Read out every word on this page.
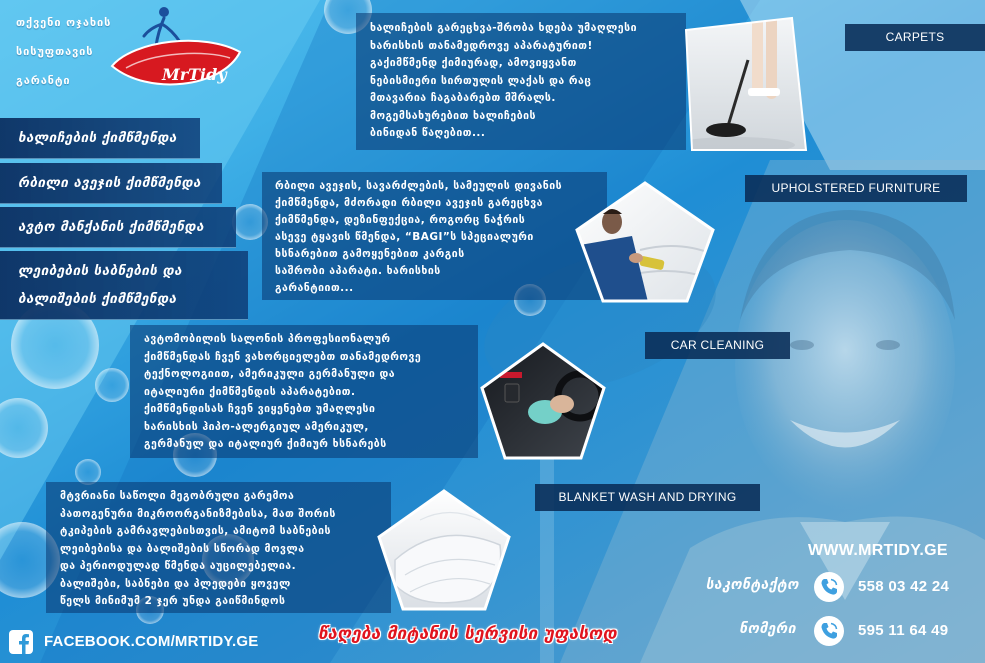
თქვენი ოჯახის
სისუფთავის
გარანტი	MrTidy
ხალიჩების ქიმწმენდა
რბილი ავეჯის ქიმწმენდა
ავტო მანქანის ქიმწმენდა
ლეიბების საბნების და
ბალიშების ქიმწმენდა
ხალიჩების გარეცხვა-შრობა ხდება უმაღლესი
ხარისხის თანამედროვე აპარატურით!
გაქიმწმენდ ქიმიურად, ამოვიყვანთ
ნებისმიერი სირთულის ლაქას და რაც
მთავარია ჩაგაბარებთ მშრალს.
მოგემსახურებით ხალიჩების
ბინიდან წაღებით...
რბილი ავეჯის, სავარძლების, სამეულის დივანის
ქიმწმენდა, მძორადი რბილი ავეჯის გარეცხვა
ქიმწმენდა, დეზინფექცია, როგორც ნაჭრის
ასევე ტყავის წმენდა, “BAGI”ს სპეციალური
ხსნარებით გამოყენებით კარგის
საშრობი აპარატი. ხარისხის
გარანტიით...
ავტომობილის სალონის პროფესიონალურ
ქიმწმენდას ჩვენ ვახორციელებთ თანამედროვე
ტექნოლოგიით, ამერიკული გერმანული და
იტალიური ქიმწმენდის აპარატებით.
ქიმწმენდისას ჩვენ ვიყენებთ უმაღლესი
ხარისხის ჰიპო-ალერგიულ ამერიკულ,
გერმანულ და იტალიურ ქიმიურ ხსნარებს
მტვრიანი საწოლი მეგობრული გარემოა
პათოგენური მიკროორგანიზმებისა, მათ შორის
ტკიპების გამრავლებისთვის, ამიტომ საბნების
ლეიბებისა და ბალიშების სწორად მოვლა
და პერიოდულად წმენდა აუცილებელია.
ბალიშები, საბნები და პლედები ყოველ
წელს მინიმუმ 2 ჯერ უნდა გაიწმინდოს
CARPETS
UPHOLSTERED FURNITURE
CAR CLEANING
BLANKET WASH AND DRYING
WWW.MRTIDY.GE
საკონტაქტო
ნომერი
558 03 42 24
595 11 64 49
FACEBOOK.COM/MRTIDY.GE	წაღება მიტანის სერვისი უფასოდ
